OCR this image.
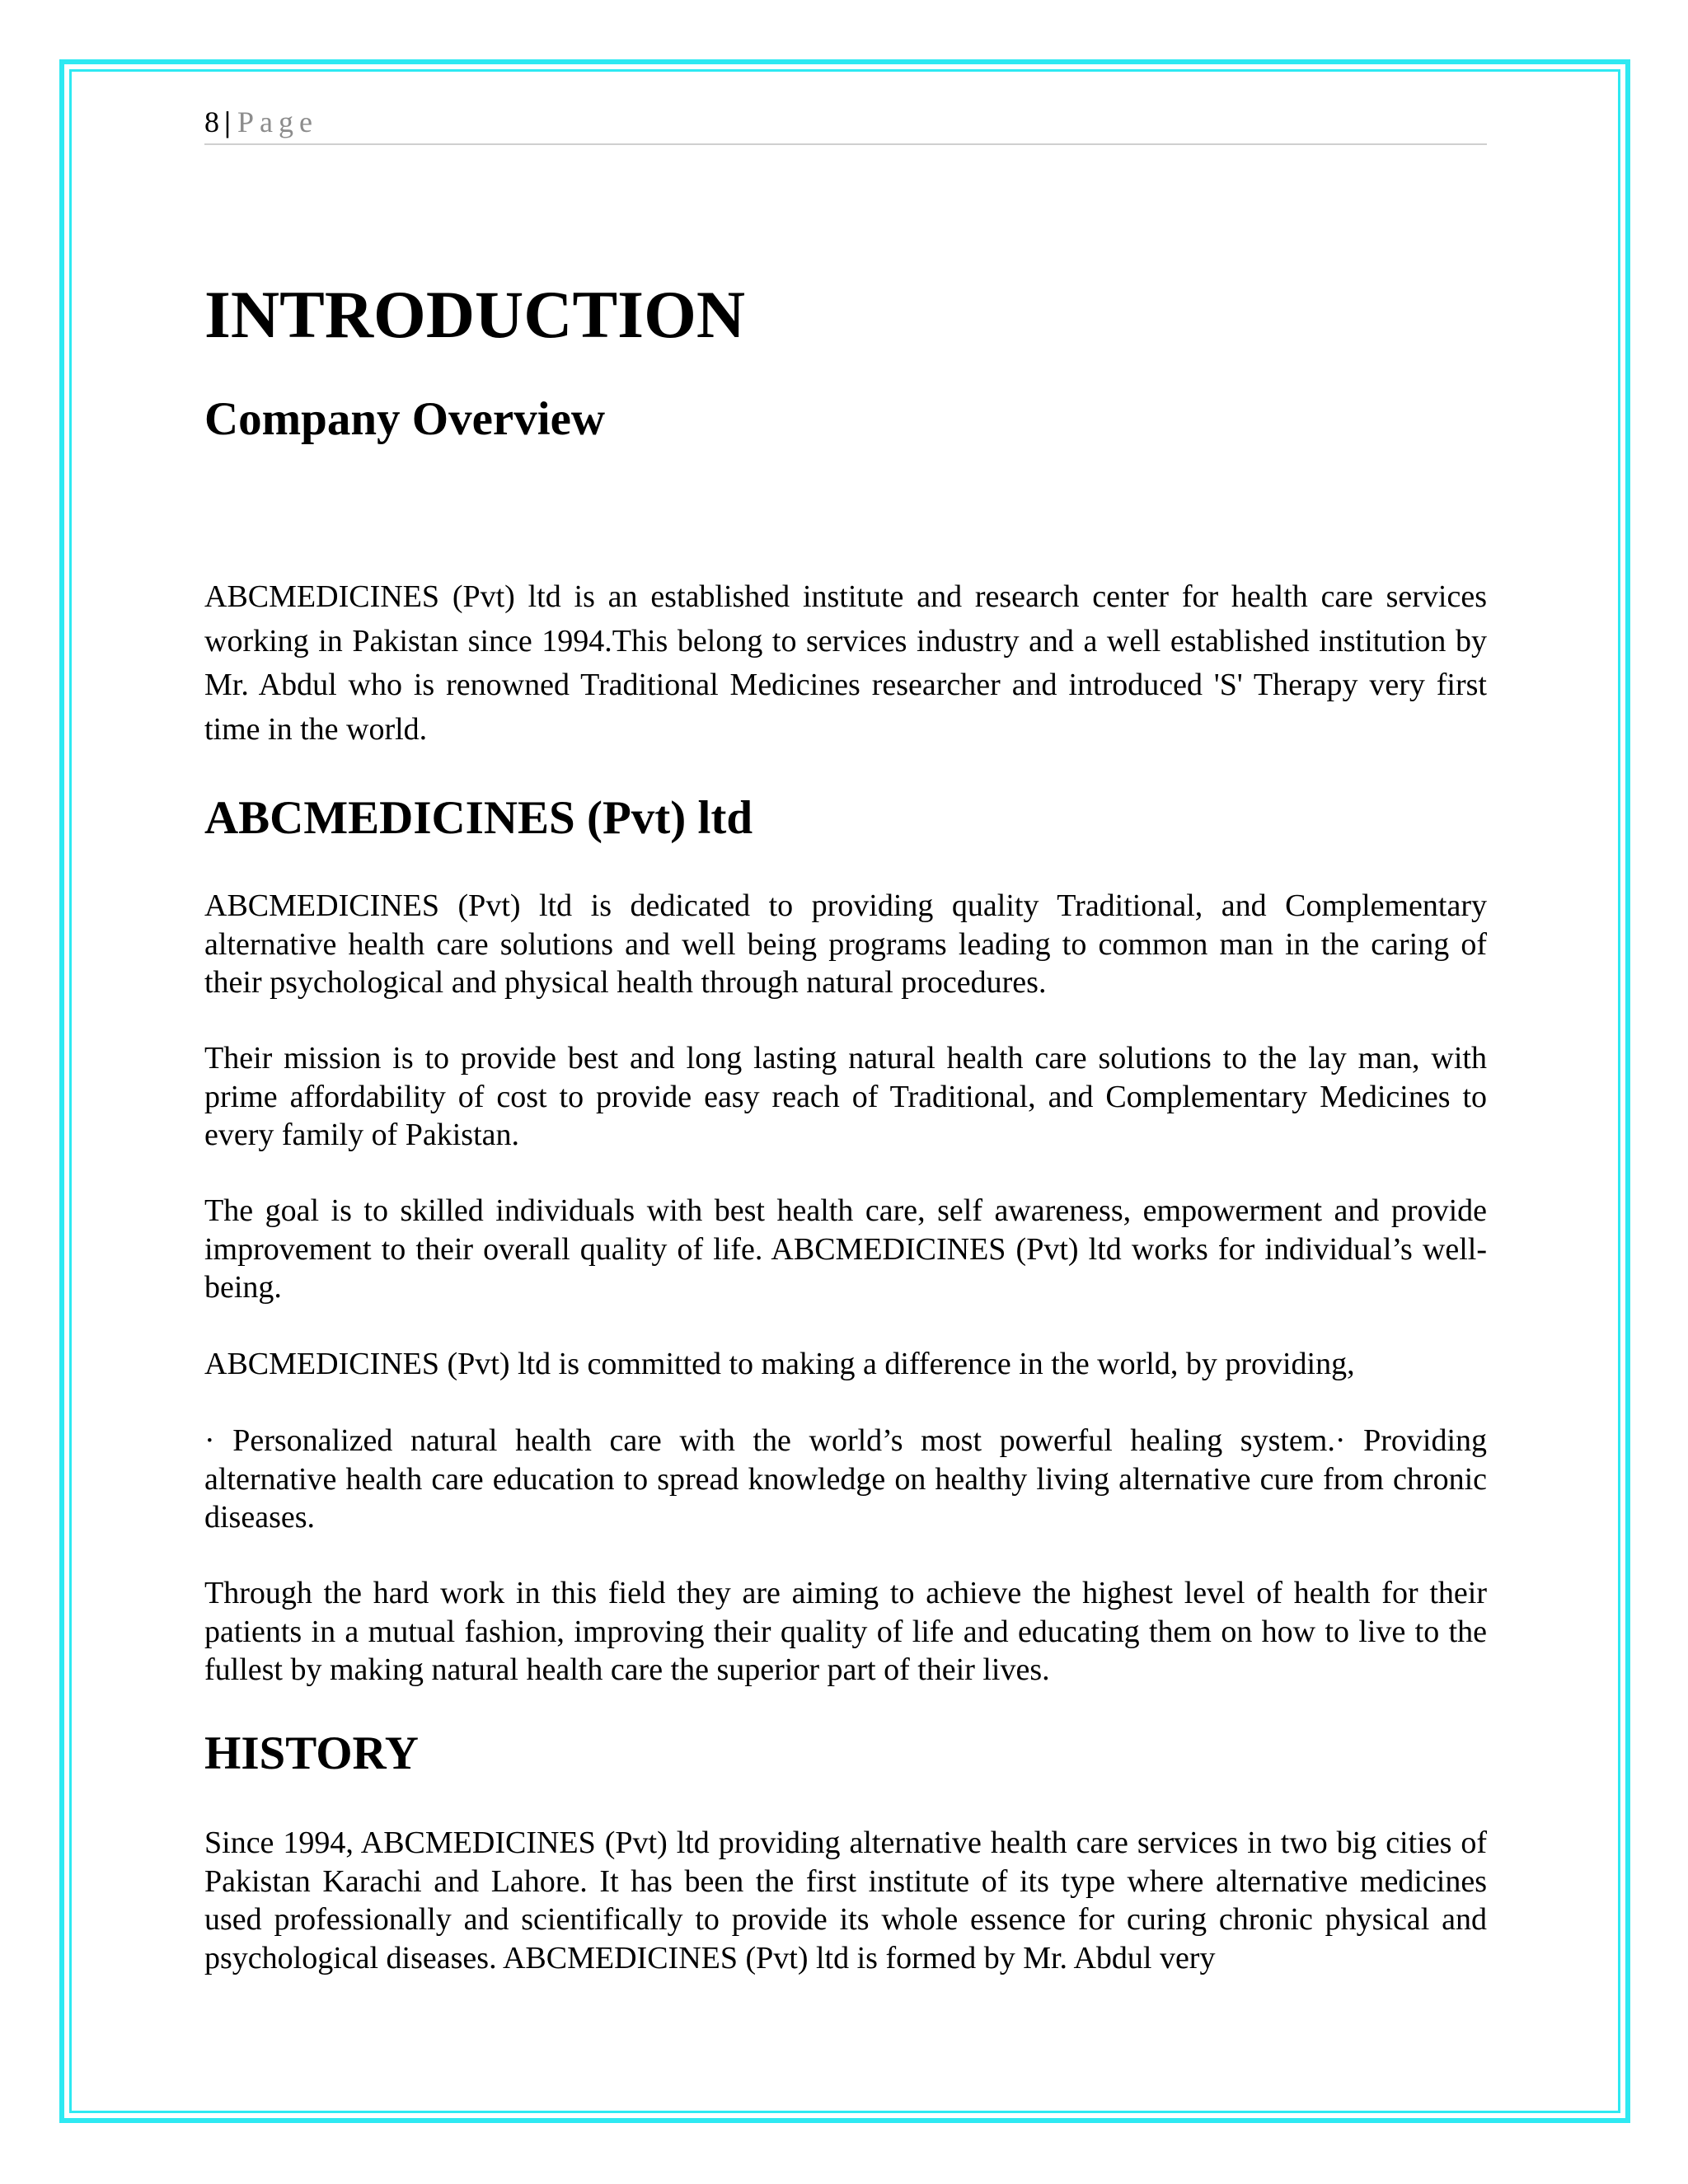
8 | Page
INTRODUCTION
Company Overview

ABCMEDICINES (Pvt) ltd is an established institute and research center for health care services working in Pakistan since 1994.This belong to services industry and a well established institution by Mr. Abdul who is renowned Traditional Medicines researcher and introduced 'S' Therapy very first time in the world.

ABCMEDICINES (Pvt) ltd

ABCMEDICINES (Pvt) ltd is dedicated to providing quality Traditional, and Complementary alternative health care solutions and well being programs leading to common man in the caring of their psychological and physical health through natural procedures.

Their mission is to provide best and long lasting natural health care solutions to the lay man, with prime affordability of cost to provide easy reach of Traditional, and Complementary Medicines to every family of Pakistan.

The goal is to skilled individuals with best health care, self awareness, empowerment and provide improvement to their overall quality of life. ABCMEDICINES (Pvt) ltd works for individual’s well-being.

ABCMEDICINES (Pvt) ltd is committed to making a difference in the world, by providing,

· Personalized natural health care with the world’s most powerful healing system.· Providing alternative health care education to spread knowledge on healthy living alternative cure from chronic diseases.

Through the hard work in this field they are aiming to achieve the highest level of health for their patients in a mutual fashion, improving their quality of life and educating them on how to live to the fullest by making natural health care the superior part of their lives.

HISTORY

Since 1994, ABCMEDICINES (Pvt) ltd providing alternative health care services in two big cities of Pakistan Karachi and Lahore. It has been the first institute of its type where alternative medicines used professionally and scientifically to provide its whole essence for curing chronic physical and psychological diseases. ABCMEDICINES (Pvt) ltd is formed by Mr. Abdul very
